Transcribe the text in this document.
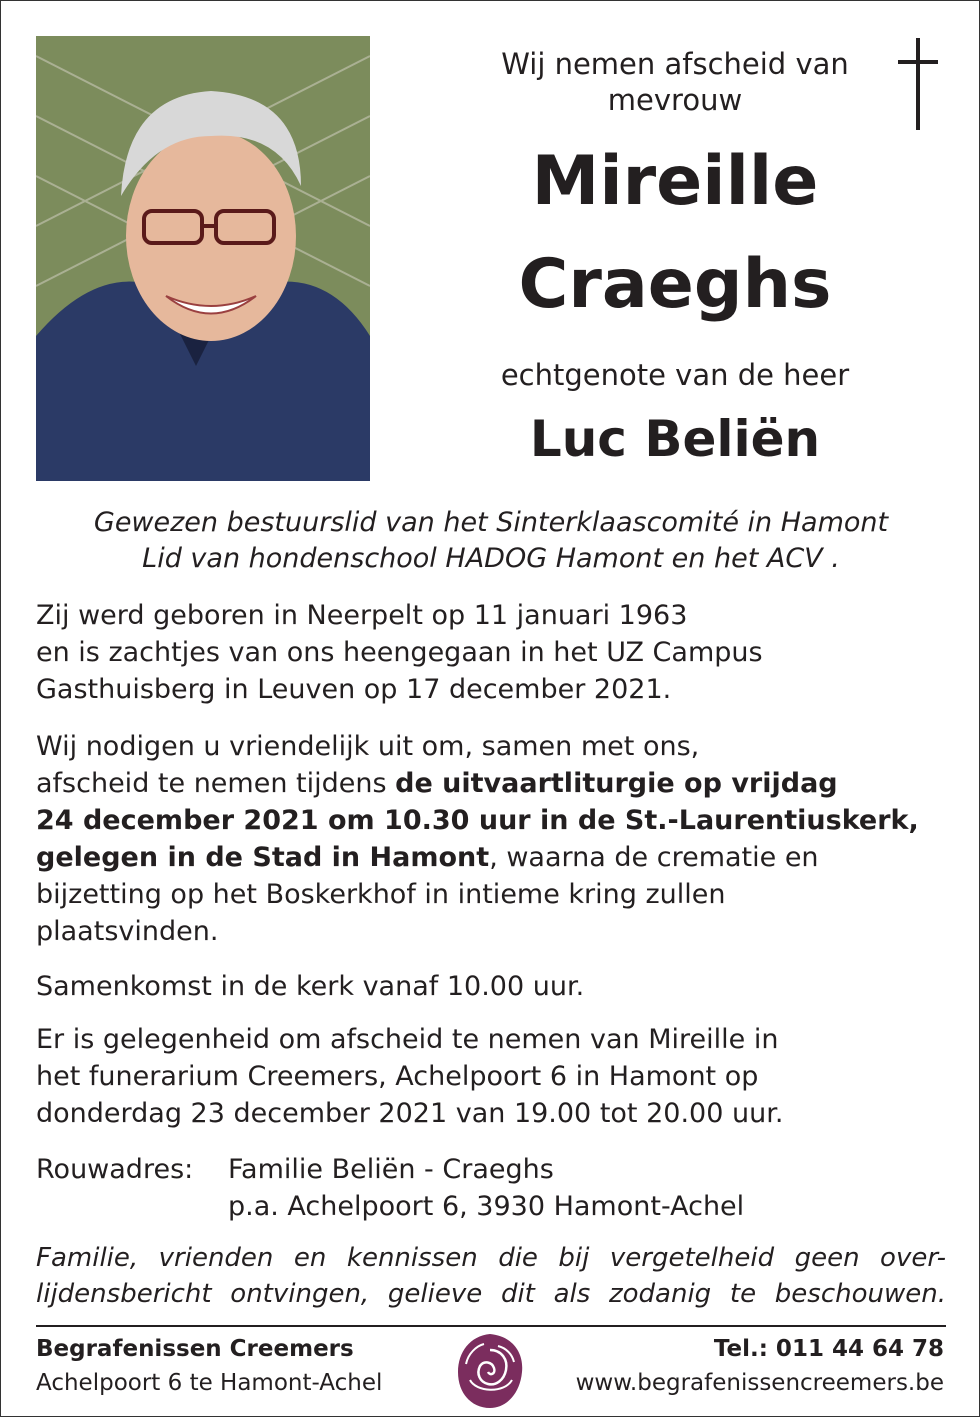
Wij nemen afscheid van
mevrouw
Mireille
Craeghs
echtgenote van de heer
Luc Beliën
Gewezen bestuurslid van het Sinterklaascomité in Hamont
Lid van hondenschool HADOG Hamont en het ACV .
Zij werd geboren in Neerpelt op 11 januari 1963
en is zachtjes van ons heengegaan in het UZ Campus
Gasthuisberg in Leuven op 17 december 2021.
Wij nodigen u vriendelijk uit om, samen met ons,
afscheid te nemen tijdens de uitvaartliturgie op vrijdag
24 december 2021 om 10.30 uur in de St.-Laurentiuskerk,
gelegen in de Stad in Hamont, waarna de crematie en
bijzetting op het Boskerkhof in intieme kring zullen
plaatsvinden.
Samenkomst in de kerk vanaf 10.00 uur.
Er is gelegenheid om afscheid te nemen van Mireille in
het funerarium Creemers, Achelpoort 6 in Hamont op
donderdag 23 december 2021 van 19.00 tot 20.00 uur.
Rouwadres: Familie Beliën - Craeghs
p.a. Achelpoort 6, 3930 Hamont-Achel
Familie, vrienden en kennissen die bij vergetelheid geen over-
lijdensbericht ontvingen, gelieve dit als zodanig te beschouwen.
Begrafenissen Creemers
Achelpoort 6 te Hamont-Achel
Tel.: 011 44 64 78
www.begrafenissencreemers.be
